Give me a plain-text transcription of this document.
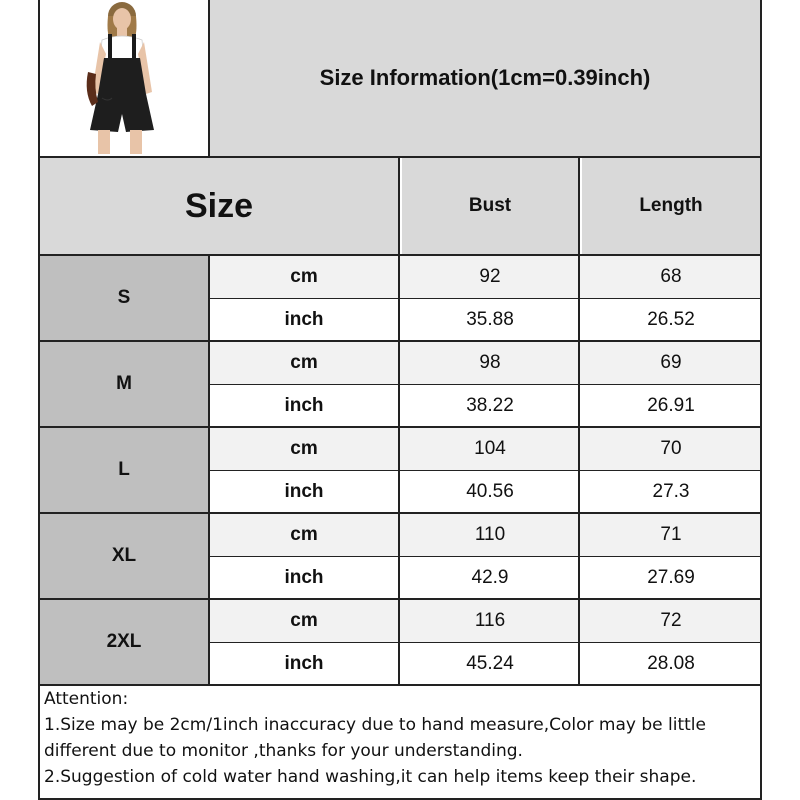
Size Information(1cm=0.39inch)
Size	Bust	Length
S
cm	92	68
inch	35.88	26.52
M
cm	98	69
inch	38.22	26.91
L
cm	104	70
inch	40.56	27.3
XL
cm	110	71
inch	42.9	27.69
2XL
cm	116	72
inch	45.24	28.08
Attention:
1.Size may be 2cm/1inch inaccuracy due to hand measure,Color may be little
different due to monitor ,thanks for your understanding.
2.Suggestion of cold water hand washing,it can help items keep their shape.
